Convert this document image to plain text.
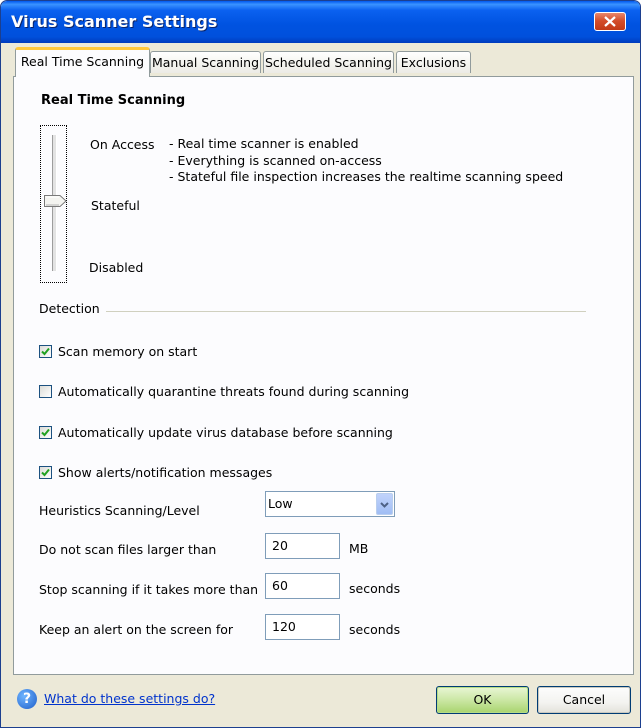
Virus Scanner Settings
Real Time Scanning Manual Scanning Scheduled Scanning Exclusions
Real Time Scanning
On Access
Stateful
Disabled
- Real time scanner is enabled
- Everything is scanned on-access
- Stateful file inspection increases the realtime scanning speed
Detection
Scan memory on start
Automatically quarantine threats found during scanning
Automatically update virus database before scanning
Show alerts/notification messages
Heuristics Scanning/Level	Low
Do not scan files larger than	20	MB
Stop scanning if it takes more than	60	seconds
Keep an alert on the screen for	120	seconds
?	What do these settings do?	OK	Cancel
